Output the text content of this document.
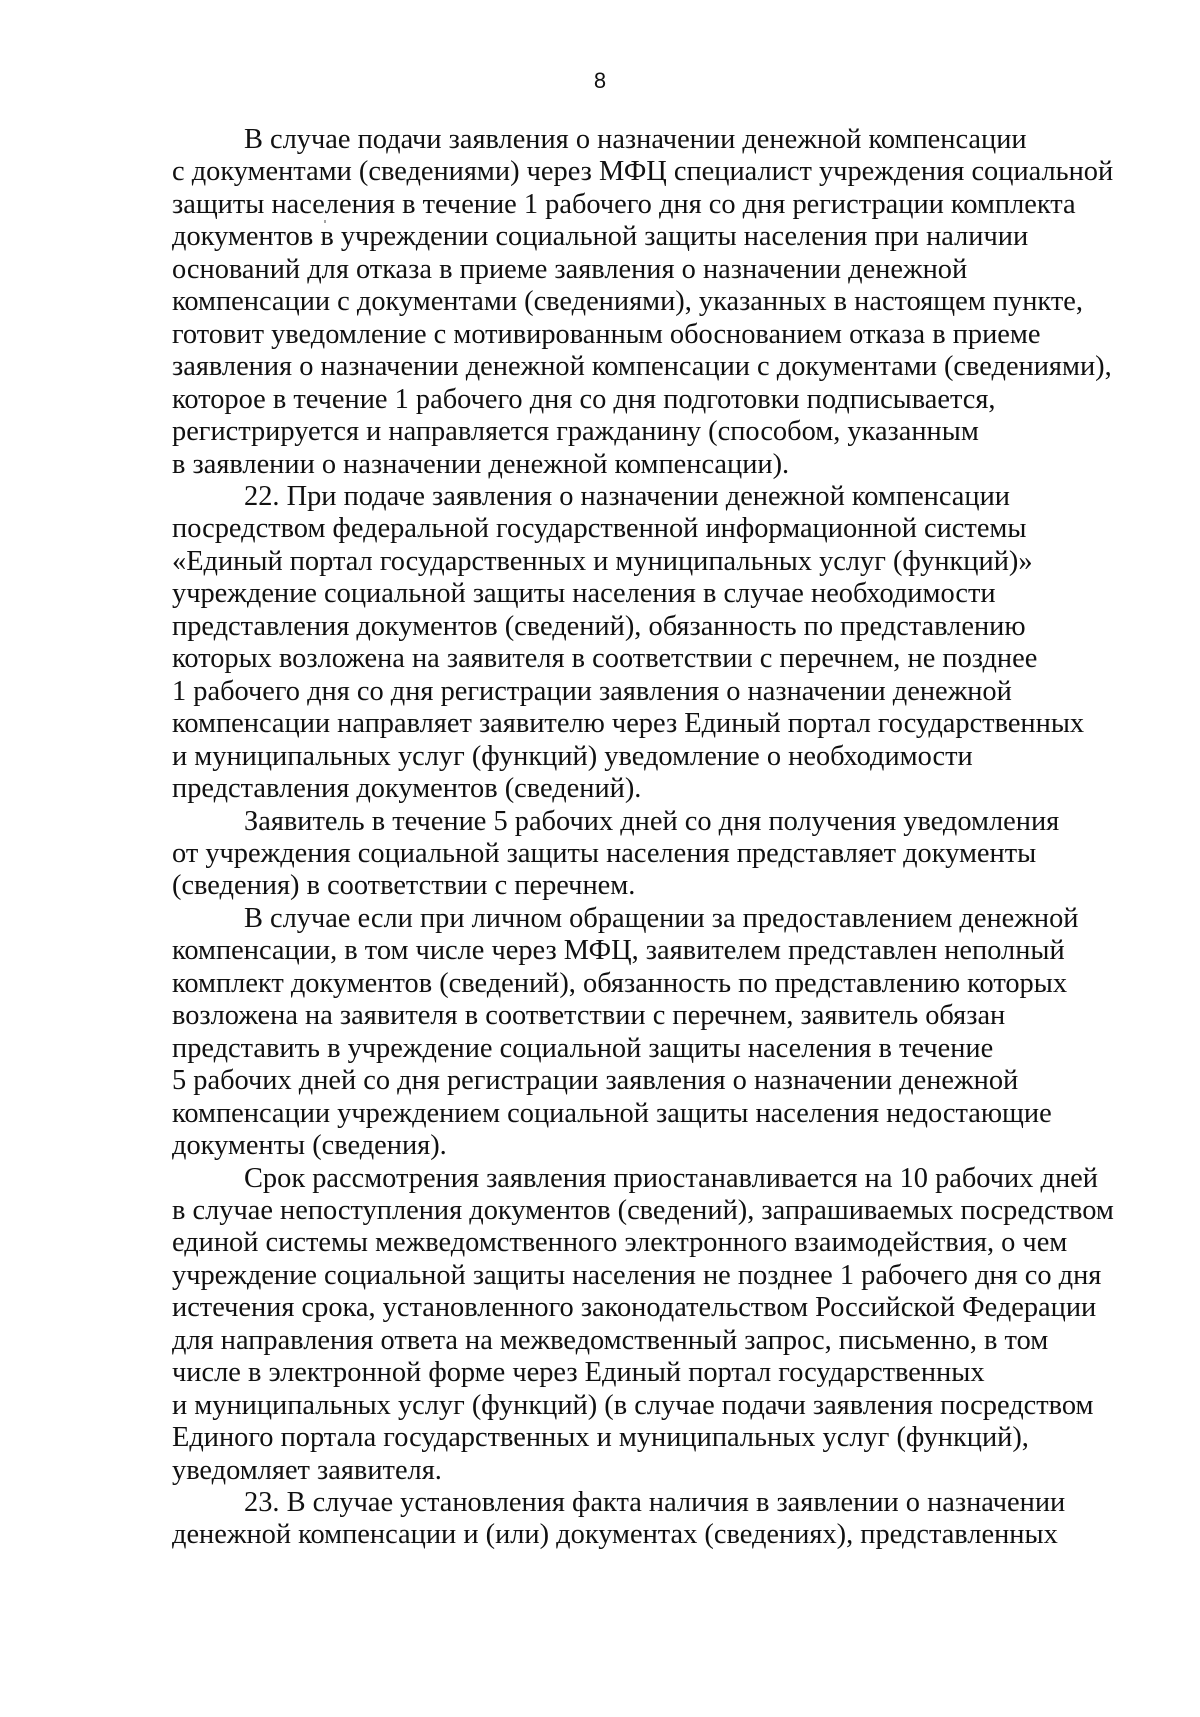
8

В случае подачи заявления о назначении денежной компенсации
с документами (сведениями) через МФЦ специалист учреждения социальной
защиты населения в течение 1 рабочего дня со дня регистрации комплекта
документов в учреждении социальной защиты населения при наличии
оснований для отказа в приеме заявления о назначении денежной
компенсации с документами (сведениями), указанных в настоящем пункте,
готовит уведомление с мотивированным обоснованием отказа в приеме
заявления о назначении денежной компенсации с документами (сведениями),
которое в течение 1 рабочего дня со дня подготовки подписывается,
регистрируется и направляется гражданину (способом, указанным
в заявлении о назначении денежной компенсации).

22. При подаче заявления о назначении денежной компенсации
посредством федеральной государственной информационной системы
«Единый портал государственных и муниципальных услуг (функций)»
учреждение социальной защиты населения в случае необходимости
представления документов (сведений), обязанность по представлению
которых возложена на заявителя в соответствии с перечнем, не позднее
1 рабочего дня со дня регистрации заявления о назначении денежной
компенсации направляет заявителю через Единый портал государственных
и муниципальных услуг (функций) уведомление о необходимости
представления документов (сведений).

Заявитель в течение 5 рабочих дней со дня получения уведомления
от учреждения социальной защиты населения представляет документы
(сведения) в соответствии с перечнем.

В случае если при личном обращении за предоставлением денежной
компенсации, в том числе через МФЦ, заявителем представлен неполный
комплект документов (сведений), обязанность по представлению которых
возложена на заявителя в соответствии с перечнем, заявитель обязан
представить в учреждение социальной защиты населения в течение
5 рабочих дней со дня регистрации заявления о назначении денежной
компенсации учреждением социальной защиты населения недостающие
документы (сведения).

Срок рассмотрения заявления приостанавливается на 10 рабочих дней
в случае непоступления документов (сведений), запрашиваемых посредством
единой системы межведомственного электронного взаимодействия, о чем
учреждение социальной защиты населения не позднее 1 рабочего дня со дня
истечения срока, установленного законодательством Российской Федерации
для направления ответа на межведомственный запрос, письменно, в том
числе в электронной форме через Единый портал государственных
и муниципальных услуг (функций) (в случае подачи заявления посредством
Единого портала государственных и муниципальных услуг (функций),
уведомляет заявителя.

23. В случае установления факта наличия в заявлении о назначении
денежной компенсации и (или) документах (сведениях), представленных
